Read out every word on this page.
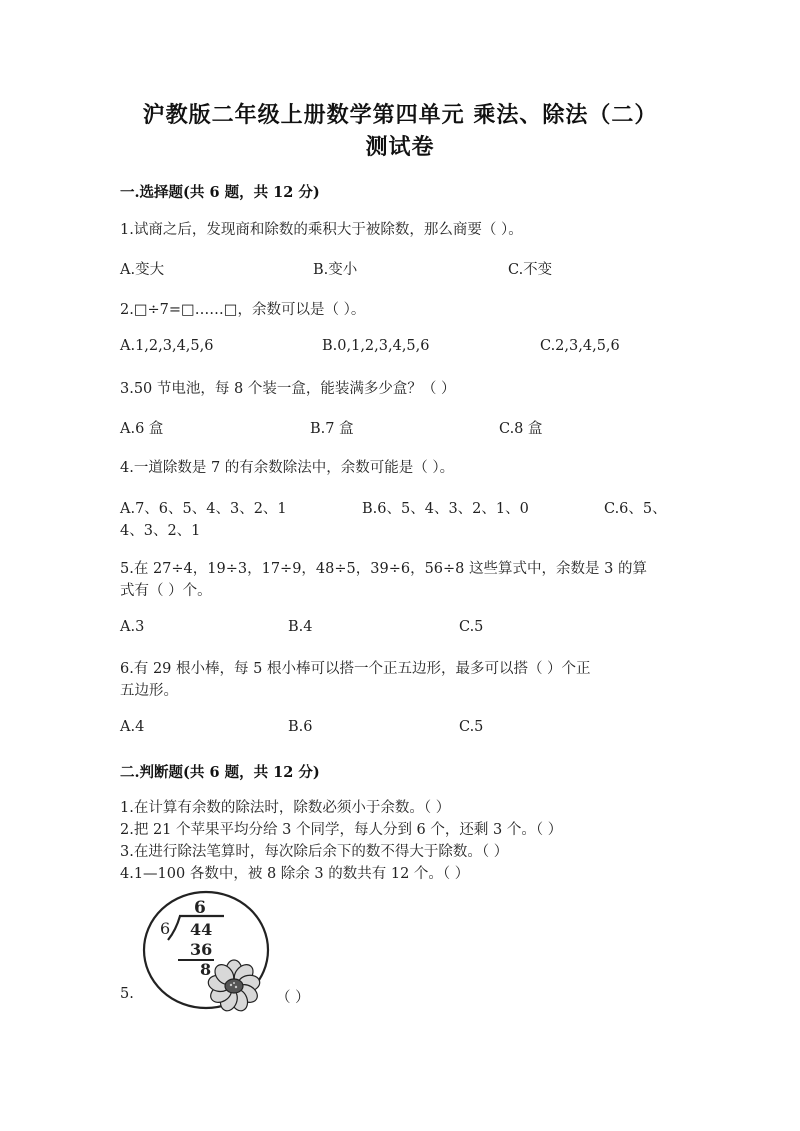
沪教版二年级上册数学第四单元 乘法、除法（二）
测试卷
一.选择题(共 6 题，共 12 分)
1.试商之后，发现商和除数的乘积大于被除数，那么商要（ ）。
A.变大	B.变小	C.不变
2.□÷7=□……□，余数可以是（ ）。
A.1,2,3,4,5,6	B.0,1,2,3,4,5,6	C.2,3,4,5,6
3.50 节电池，每 8 个装一盒，能装满多少盒？（ ）
A.6 盒	B.7 盒	C.8 盒
4.一道除数是 7 的有余数除法中，余数可能是（ ）。
A.7、6、5、4、3、2、1	B.6、5、4、3、2、1、0	C.6、5、
4、3、2、1
5.在 27÷4，19÷3，17÷9，48÷5，39÷6，56÷8 这些算式中，余数是 3 的算
式有（ ）个。
A.3	B.4	C.5
6.有 29 根小棒，每 5 根小棒可以搭一个正五边形，最多可以搭（ ）个正
五边形。
A.4	B.6	C.5
二.判断题(共 6 题，共 12 分)
1.在计算有余数的除法时，除数必须小于余数。（ ）
2.把 21 个苹果平均分给 3 个同学，每人分到 6 个，还剩 3 个。（ ）
3.在进行除法笔算时，每次除后余下的数不得大于除数。（ ）
4.1—100 各数中，被 8 除余 3 的数共有 12 个。（ ）
5.	（ ）
6
6 44
36
8
